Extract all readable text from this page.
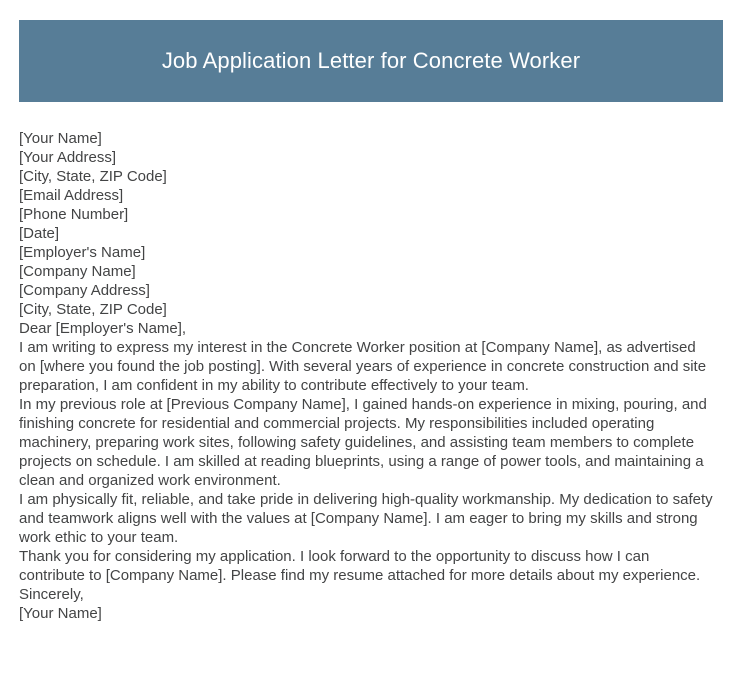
Job Application Letter for Concrete Worker
[Your Name]
[Your Address]
[City, State, ZIP Code]
[Email Address]
[Phone Number]
[Date]
[Employer's Name]
[Company Name]
[Company Address]
[City, State, ZIP Code]
Dear [Employer's Name],

I am writing to express my interest in the Concrete Worker position at [Company Name], as advertised on [where you found the job posting]. With several years of experience in concrete construction and site preparation, I am confident in my ability to contribute effectively to your team.

In my previous role at [Previous Company Name], I gained hands-on experience in mixing, pouring, and finishing concrete for residential and commercial projects. My responsibilities included operating machinery, preparing work sites, following safety guidelines, and assisting team members to complete projects on schedule. I am skilled at reading blueprints, using a range of power tools, and maintaining a clean and organized work environment.

I am physically fit, reliable, and take pride in delivering high-quality workmanship. My dedication to safety and teamwork aligns well with the values at [Company Name]. I am eager to bring my skills and strong work ethic to your team.

Thank you for considering my application. I look forward to the opportunity to discuss how I can contribute to [Company Name]. Please find my resume attached for more details about my experience.

Sincerely,
[Your Name]
